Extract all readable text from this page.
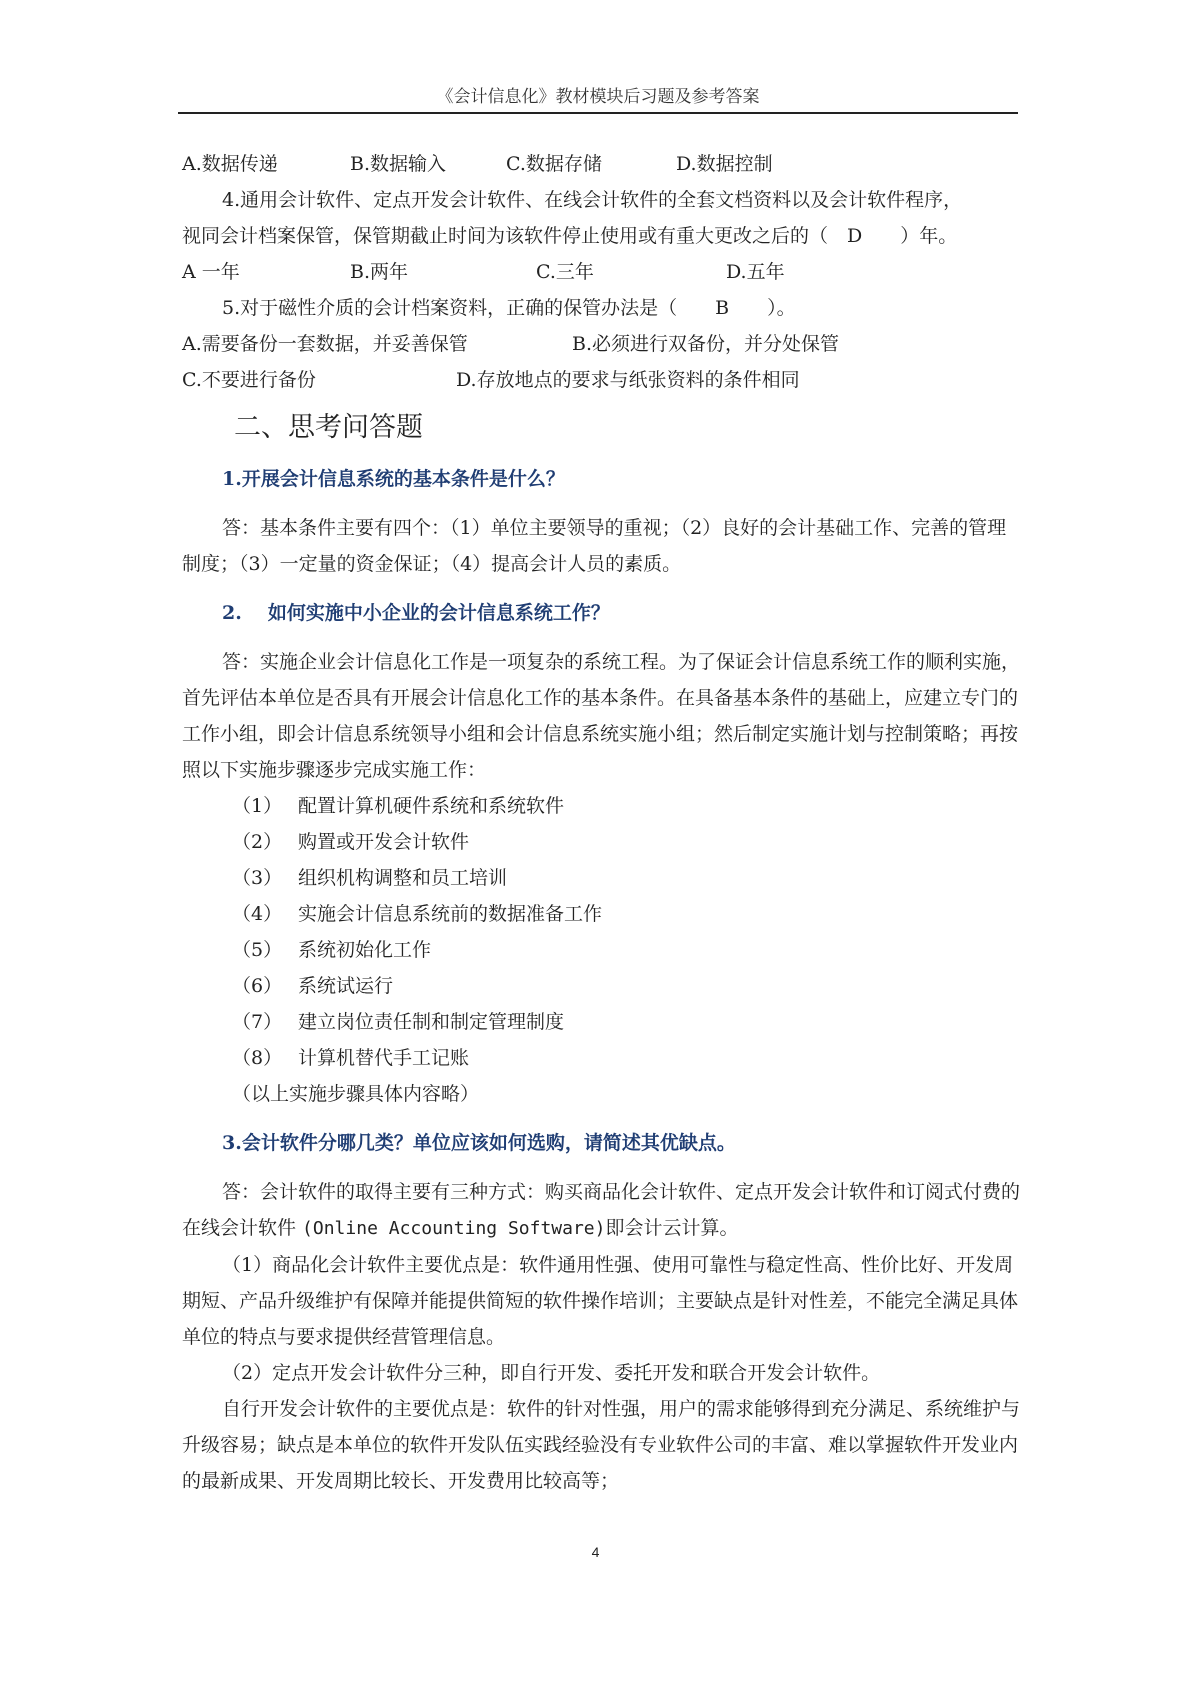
《会计信息化》教材模块后习题及参考答案
A.数据传递	B.数据输入	C.数据存储	D.数据控制

4.通用会计软件、定点开发会计软件、在线会计软件的全套文档资料以及会计软件程序，

视同会计档案保管，保管期截止时间为该软件停止使用或有重大更改之后的（　D　　）年。

A 一年	B.两年	C.三年	D.五年

5.对于磁性介质的会计档案资料，正确的保管办法是（　　B　　）。

A.需要备份一套数据，并妥善保管	B.必须进行双备份，并分处保管
C.不要进行备份	D.存放地点的要求与纸张资料的条件相同
二、思考问答题
1.开展会计信息系统的基本条件是什么？

答：基本条件主要有四个：（1）单位主要领导的重视；（2）良好的会计基础工作、完善的管理制度；（3）一定量的资金保证；（4）提高会计人员的素质。

2. 如何实施中小企业的会计信息系统工作？

答：实施企业会计信息化工作是一项复杂的系统工程。为了保证会计信息系统工作的顺利实施，首先评估本单位是否具有开展会计信息化工作的基本条件。在具备基本条件的基础上，应建立专门的工作小组，即会计信息系统领导小组和会计信息系统实施小组；然后制定实施计划与控制策略；再按照以下实施步骤逐步完成实施工作：

（1） 配置计算机硬件系统和系统软件
（2） 购置或开发会计软件
（3） 组织机构调整和员工培训
（4） 实施会计信息系统前的数据准备工作
（5） 系统初始化工作
（6） 系统试运行
（7） 建立岗位责任制和制定管理制度
（8） 计算机替代手工记账

（以上实施步骤具体内容略）

3.会计软件分哪几类？单位应该如何选购，请简述其优缺点。

答：会计软件的取得主要有三种方式：购买商品化会计软件、定点开发会计软件和订阅式付费的在线会计软件 (Online Accounting Software)即会计云计算。

（1）商品化会计软件主要优点是：软件通用性强、使用可靠性与稳定性高、性价比好、开发周期短、产品升级维护有保障并能提供简短的软件操作培训；主要缺点是针对性差，不能完全满足具体单位的特点与要求提供经营管理信息。

（2）定点开发会计软件分三种，即自行开发、委托开发和联合开发会计软件。

自行开发会计软件的主要优点是：软件的针对性强，用户的需求能够得到充分满足、系统维护与升级容易；缺点是本单位的软件开发队伍实践经验没有专业软件公司的丰富、难以掌握软件开发业内的最新成果、开发周期比较长、开发费用比较高等；

4
